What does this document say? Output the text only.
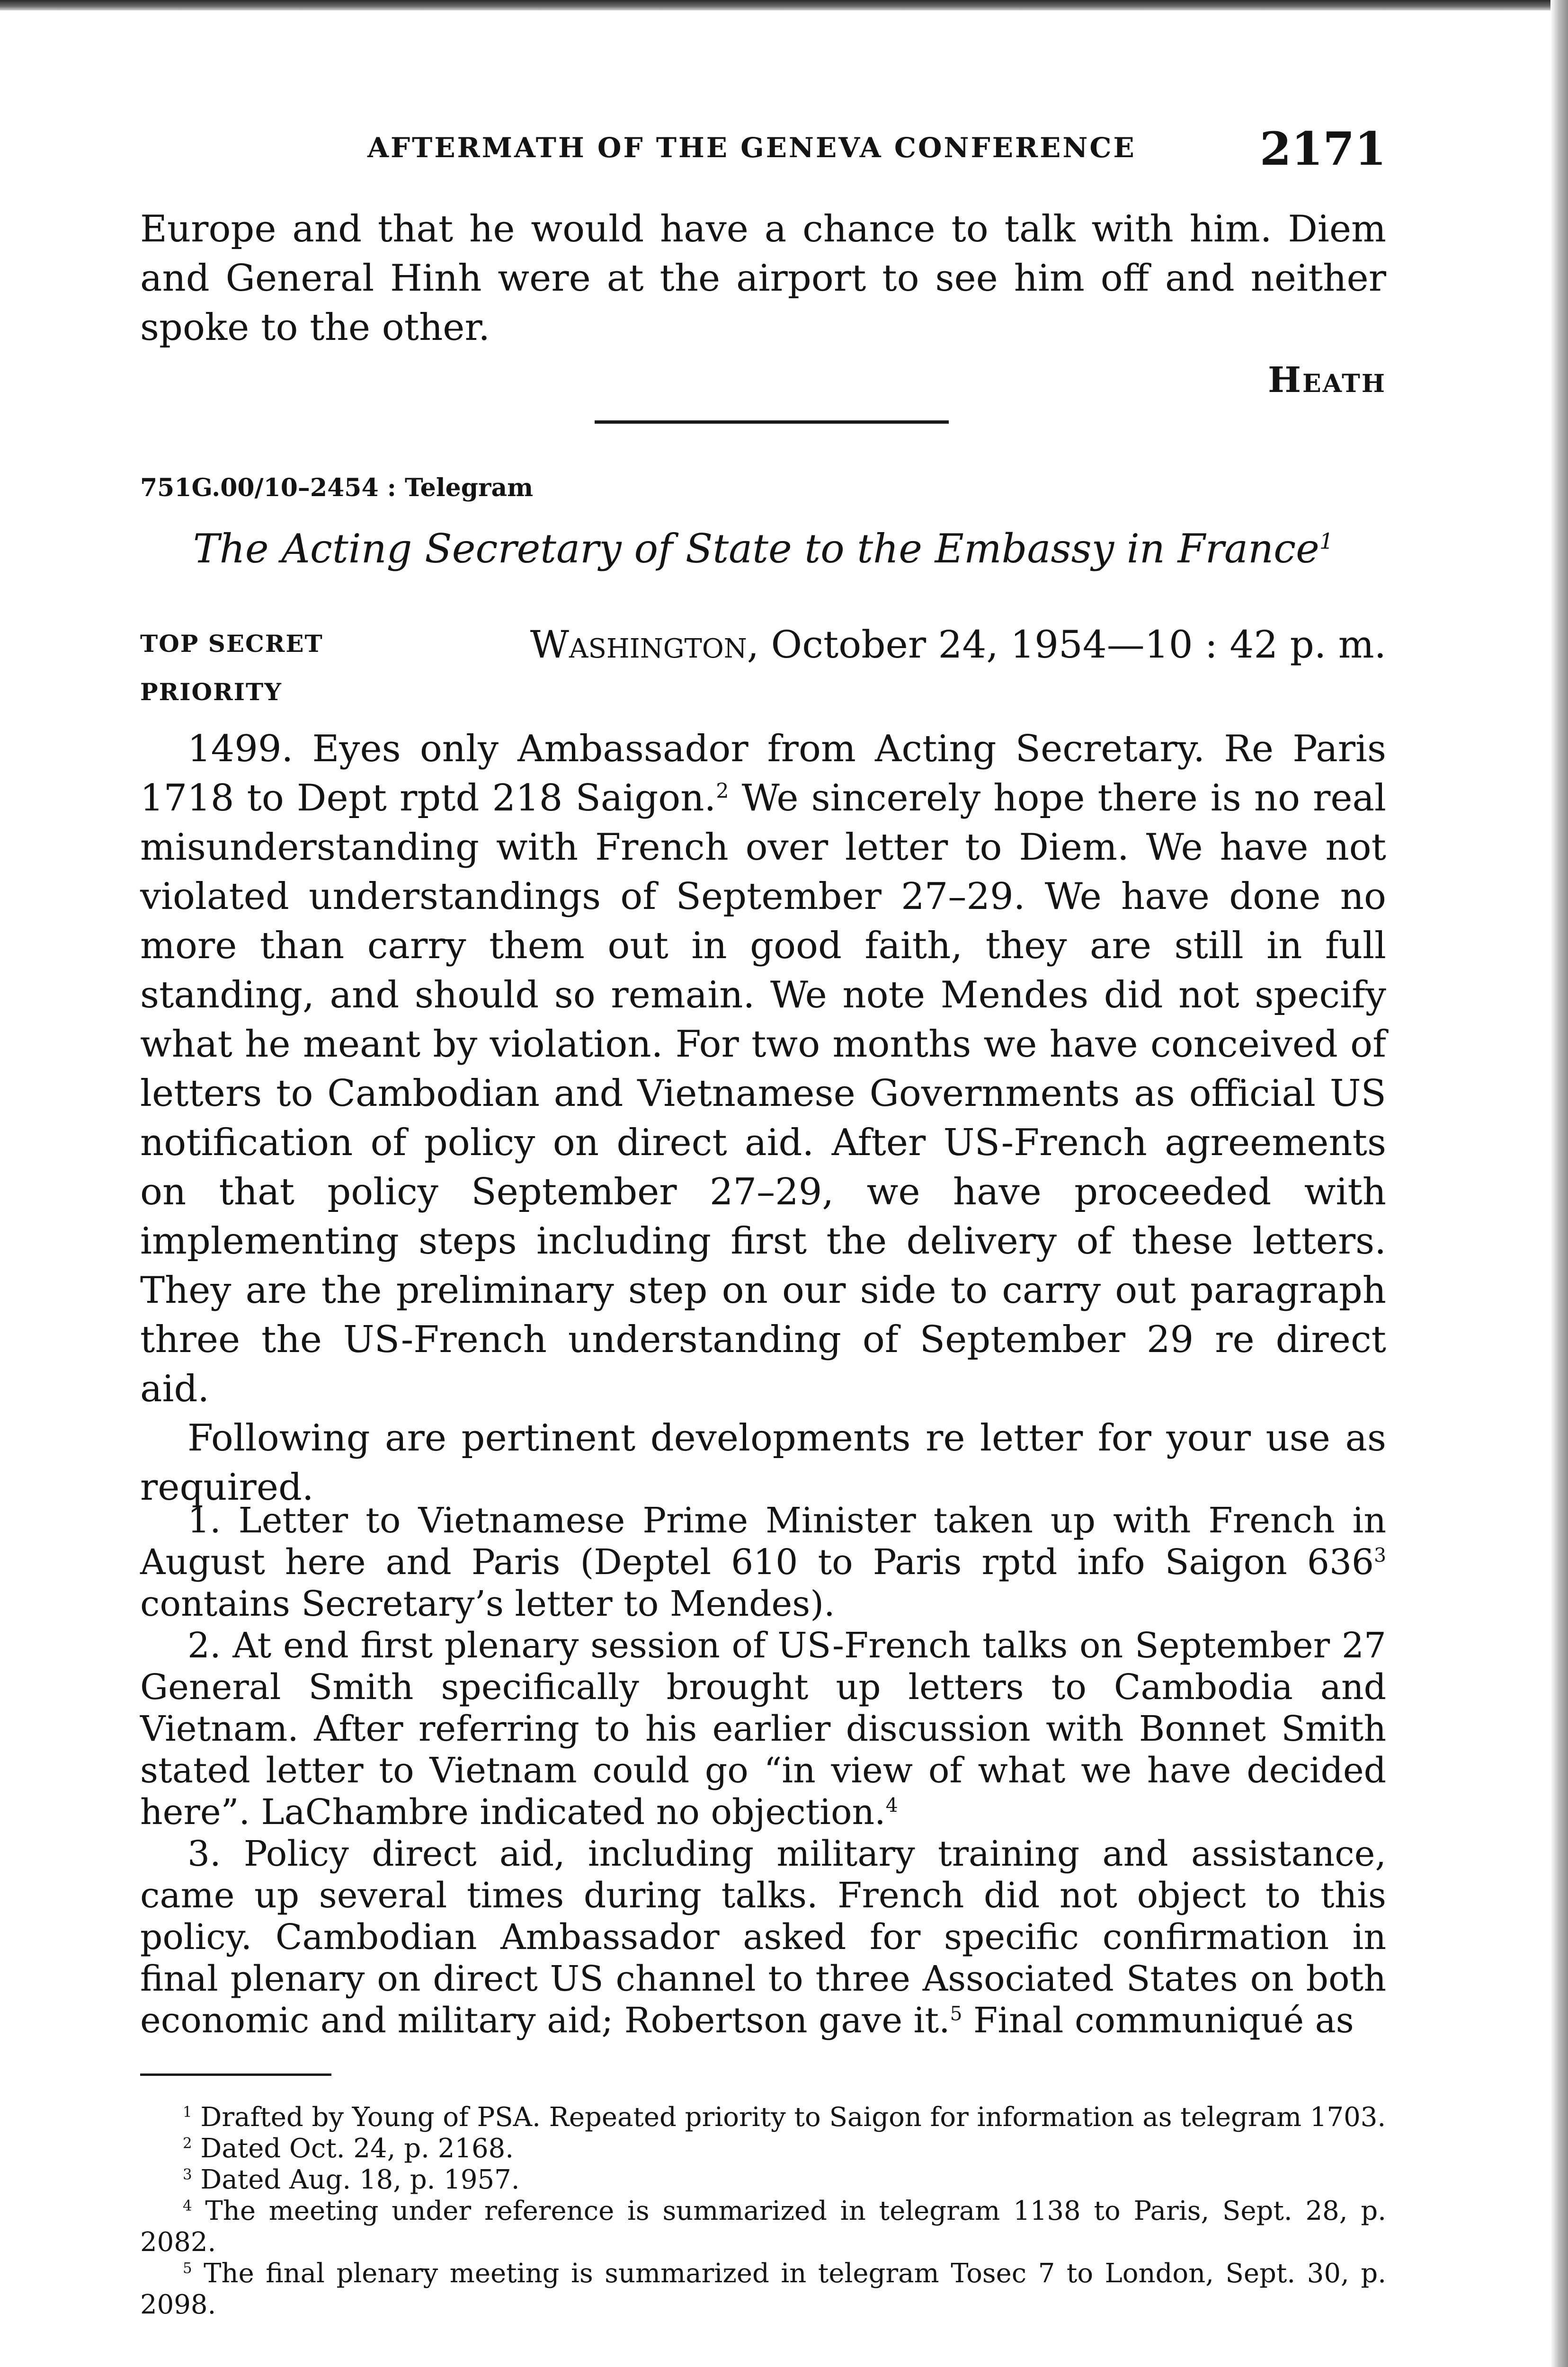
AFTERMATH OF THE GENEVA CONFERENCE	2171

Europe and that he would have a chance to talk with him. Diem and General Hinh were at the airport to see him off and neither spoke to the other.

Heath
751G.00/10–2454 : Telegram
The Acting Secretary of State to the Embassy in France$^1$
TOP SECRET
PRIORITY
Washington, October 24, 1954—10 : 42 p. m.

1499. Eyes only Ambassador from Acting Secretary. Re Paris 1718 to Dept rptd 218 Saigon.$^2$ We sincerely hope there is no real misunderstanding with French over letter to Diem. We have not violated understandings of September 27–29. We have done no more than carry them out in good faith, they are still in full standing, and should so remain. We note Mendes did not specify what he meant by violation. For two months we have conceived of letters to Cambodian and Vietnamese Governments as official US notification of policy on direct aid. After US-French agreements on that policy September 27–29, we have proceeded with implementing steps including first the delivery of these letters. They are the preliminary step on our side to carry out paragraph three the US-French understanding of September 29 re direct aid.

Following are pertinent developments re letter for your use as required.

1. Letter to Vietnamese Prime Minister taken up with French in August here and Paris (Deptel 610 to Paris rptd info Saigon $636^3$ contains Secretary’s letter to Mendes).

2. At end first plenary session of US-French talks on September 27 General Smith specifically brought up letters to Cambodia and Vietnam. After referring to his earlier discussion with Bonnet Smith stated letter to Vietnam could go “in view of what we have decided here”. LaChambre indicated no objection.$^4$

3. Policy direct aid, including military training and assistance, came up several times during talks. French did not object to this policy. Cambodian Ambassador asked for specific confirmation in final plenary on direct US channel to three Associated States on both economic and military aid; Robertson gave it.$^5$ Final communiqué as

$^1$ Drafted by Young of PSA. Repeated priority to Saigon for information as telegram 1703.

$^2$ Dated Oct. 24, p. 2168.

$^3$ Dated Aug. 18, p. 1957.

$^4$ The meeting under reference is summarized in telegram 1138 to Paris, Sept. 28, p. 2082.

$^5$ The final plenary meeting is summarized in telegram Tosec 7 to London, Sept. 30, p. 2098.
